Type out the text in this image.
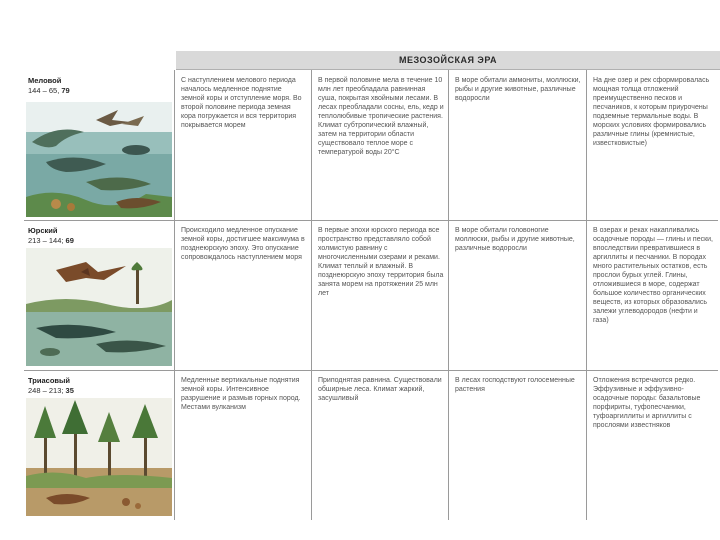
МЕЗОЗОЙСКАЯ ЭРА
Меловой
144 – 65, 79
С наступлением мелового периода началось медленное поднятие земной коры и отступление моря. Во второй половине периода земная кора погружается и вся территория покрывается морем
В первой половине мела в течение 10 млн лет преобладала равнинная суша, покрытая хвойными лесами. В лесах преобладали сосны, ель, кедр и теплолюбивые тропические растения. Климат субтропический влажный, затем на территории области существовало теплое море с температурой воды 20°С
В море обитали аммониты, моллюски, рыбы и другие животные, различные водоросли
На дне озер и рек сформировалась мощная толща отложений преимущественно песков и песчаников, к которым приурочены подземные термальные воды. В морских условиях формировались различные глины (кремнистые, известковистые)
Юрский
213 – 144; 69
Происходило медленное опускание земной коры, достигшее максимума в позднеюрскую эпоху. Это опускание сопровождалось наступлением моря
В первые эпохи юрского периода все пространство представляло собой холмистую равнину с многочисленными озерами и реками. Климат теплый и влажный. В позднеюрскую эпоху территория была занята морем на протяжении 25 млн лет
В море обитали головоногие моллюски, рыбы и другие животные, различные водоросли
В озерах и реках накапливались осадочные породы — глины и пески, впоследствии превратившиеся в аргиллиты и песчаники. В породах много растительных остатков, есть прослои бурых углей. Глины, отложившиеся в море, содержат большое количество органических веществ, из которых образовались залежи углеводородов (нефти и газа)
Триасовый
248 – 213; 35
Медленные вертикальные поднятия земной коры. Интенсивное разрушение и размыв горных пород. Местами вулканизм
Приподнятая равнина. Существовали обширные леса. Климат жаркий, засушливый
В лесах господствуют голосеменные растения
Отложения встречаются редко. Эффузивные и эффузивно-осадочные породы: базальтовые порфириты, туфопесчаники, туфоаргиллиты и аргиллиты с прослоями известняков
